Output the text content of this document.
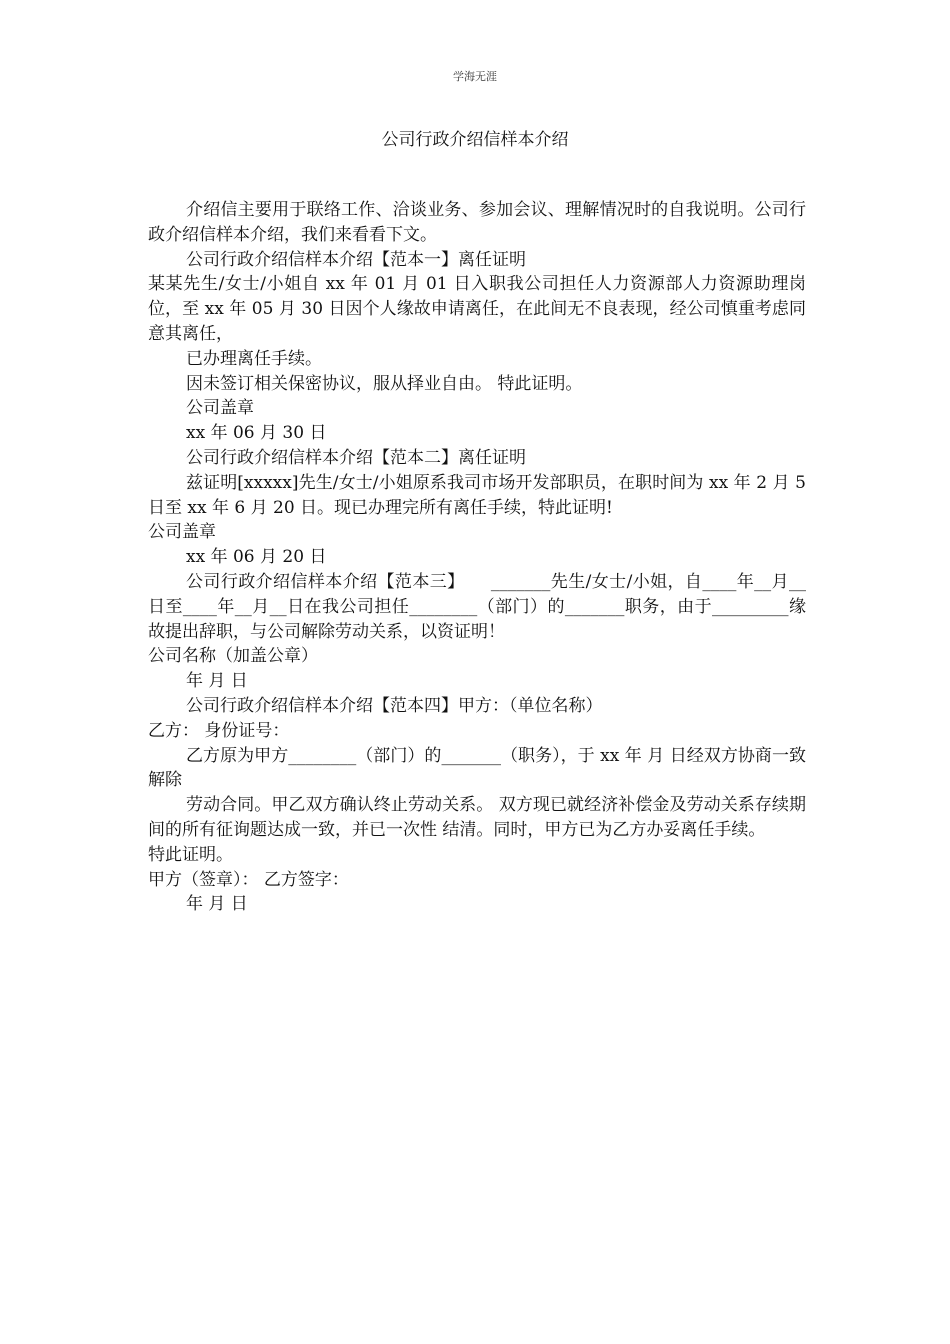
学海无涯
公司行政介绍信样本介绍

介绍信主要用于联络工作、洽谈业务、参加会议、理解情况时的自我说明。公司行政介绍信样本介绍，我们来看看下文。

公司行政介绍信样本介绍【范本一】离任证明

某某先生/女士/小姐自 xx 年 01 月 01 日入职我公司担任人力资源部人力资源助理岗位，至 xx 年 05 月 30 日因个人缘故申请离任，在此间无不良表现，经公司慎重考虑同意其离任，

已办理离任手续。

因未签订相关保密协议，服从择业自由。 特此证明。

公司盖章

xx 年 06 月 30 日

公司行政介绍信样本介绍【范本二】离任证明

兹证明[xxxxx]先生/女士/小姐原系我司市场开发部职员，在职时间为 xx 年 2 月 5 日至 xx 年 6 月 20 日。现已办理完所有离任手续，特此证明!

公司盖章

xx 年 06 月 20 日

公司行政介绍信样本介绍【范本三】　　_______先生/女士/小姐，自____年__月__日至____年__月__日在我公司担任________（部门）的_______职务，由于_________缘故提出辞职，与公司解除劳动关系，以资证明！

公司名称（加盖公章）

年 月 日

公司行政介绍信样本介绍【范本四】甲方：（单位名称）

乙方： 身份证号：

乙方原为甲方________（部门）的_______（职务），于 xx 年 月 日经双方协商一致解除

劳动合同。甲乙双方确认终止劳动关系。 双方现已就经济补偿金及劳动关系存续期间的所有征询题达成一致，并已一次性 结清。同时，甲方已为乙方办妥离任手续。

特此证明。

甲方（签章）： 乙方签字：

年 月 日
